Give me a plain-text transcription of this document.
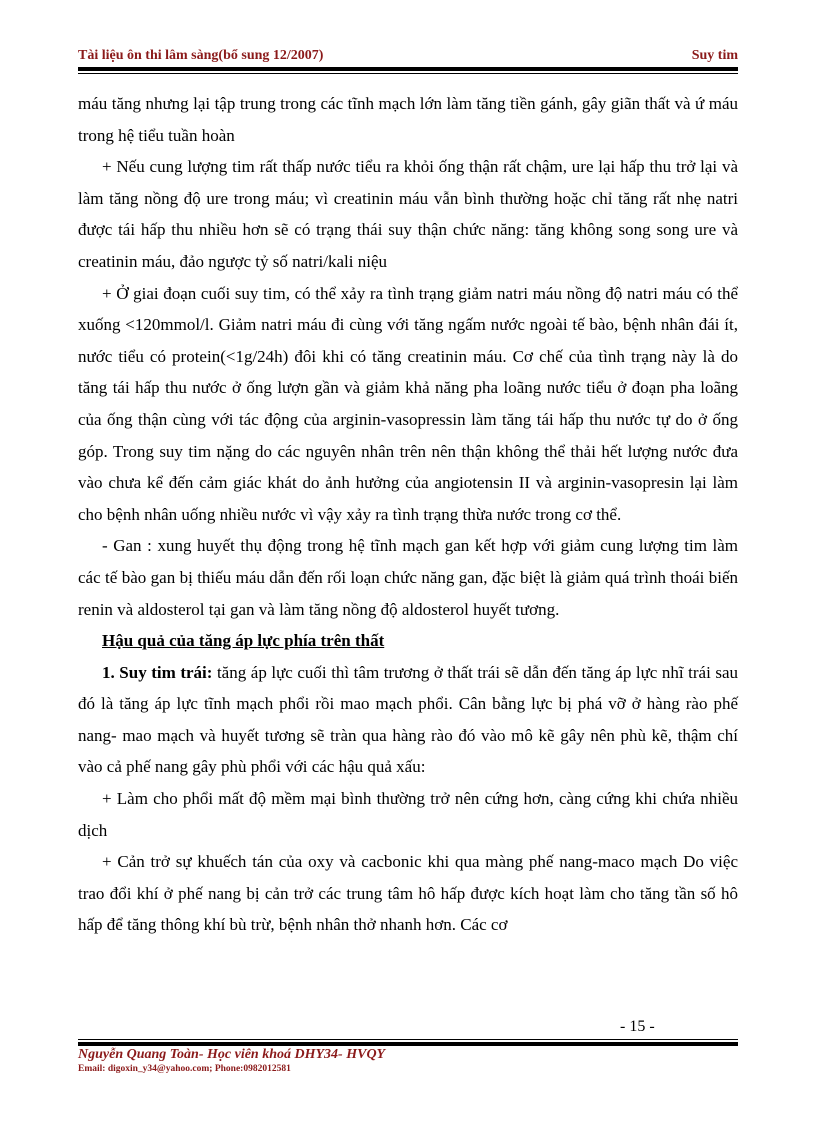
Tài liệu ôn thi lâm sàng(bổ sung 12/2007)	Suy tim

máu tăng nhưng lại tập trung trong các tĩnh mạch lớn làm tăng tiền gánh, gây giãn thất và ứ máu trong hệ tiểu tuần hoàn

+ Nếu cung lượng tim rất thấp nước tiểu ra khỏi ống thận rất chậm, ure lại hấp thu trở lại và làm tăng nồng độ ure trong máu; vì creatinin máu vẫn bình thường hoặc chỉ tăng rất nhẹ natri được tái hấp thu nhiều hơn sẽ có trạng thái suy thận chức năng: tăng không song song ure và creatinin máu, đảo ngược tỷ số natri/kali niệu

+ Ở giai đoạn cuối suy tim, có thể xảy ra tình trạng giảm natri máu nồng độ natri máu có thể xuống <120mmol/l. Giảm natri máu đi cùng với tăng ngấm nước ngoài tế bào, bệnh nhân đái ít, nước tiểu có protein(<1g/24h) đôi khi có tăng creatinin máu. Cơ chế của tình trạng này là do tăng tái hấp thu nước ở ống lượn gần và giảm khả năng pha loãng nước tiểu ở đoạn pha loãng của ống thận cùng với tác động của arginin-vasopressin làm tăng tái hấp thu nước tự do ở ống góp. Trong suy tim nặng do các nguyên nhân trên nên thận không thể thải hết lượng nước đưa vào chưa kể đến cảm giác khát do ảnh hưởng của angiotensin II và arginin-vasopresin lại làm cho bệnh nhân uống nhiều nước vì vậy xảy ra tình trạng thừa nước trong cơ thể.

- Gan : xung huyết thụ động trong hệ tĩnh mạch gan kết hợp với giảm cung lượng tim làm các tế bào gan bị thiếu máu dẫn đến rối loạn chức năng gan, đặc biệt là giảm quá trình thoái biến renin và aldosterol tại gan và làm tăng nồng độ aldosterol huyết tương.

Hậu quả của tăng áp lực phía trên thất

1. Suy tim trái: tăng áp lực cuối thì tâm trương ở thất trái sẽ dẫn đến tăng áp lực nhĩ trái sau đó là tăng áp lực tĩnh mạch phổi rồi mao mạch phổi. Cân bằng lực bị phá vỡ ở hàng rào phế nang- mao mạch và huyết tương sẽ tràn qua hàng rào đó vào mô kẽ gây nên phù kẽ, thậm chí vào cả phế nang gây phù phổi với các hậu quả xấu:

+ Làm cho phổi mất độ mềm mại bình thường trở nên cứng hơn, càng cứng khi chứa nhiều dịch

+ Cản trở sự khuếch tán của oxy và cacbonic khi qua màng phế nang-maco mạch Do việc trao đổi khí ở phế nang bị cản trở các trung tâm hô hấp được kích hoạt làm cho tăng tần số hô hấp để tăng thông khí bù trừ, bệnh nhân thở nhanh hơn. Các cơ

- 15 -
Nguyễn Quang Toàn- Học viên khoá DHY34- HVQY
Email: digoxin_y34@yahoo.com; Phone:0982012581
